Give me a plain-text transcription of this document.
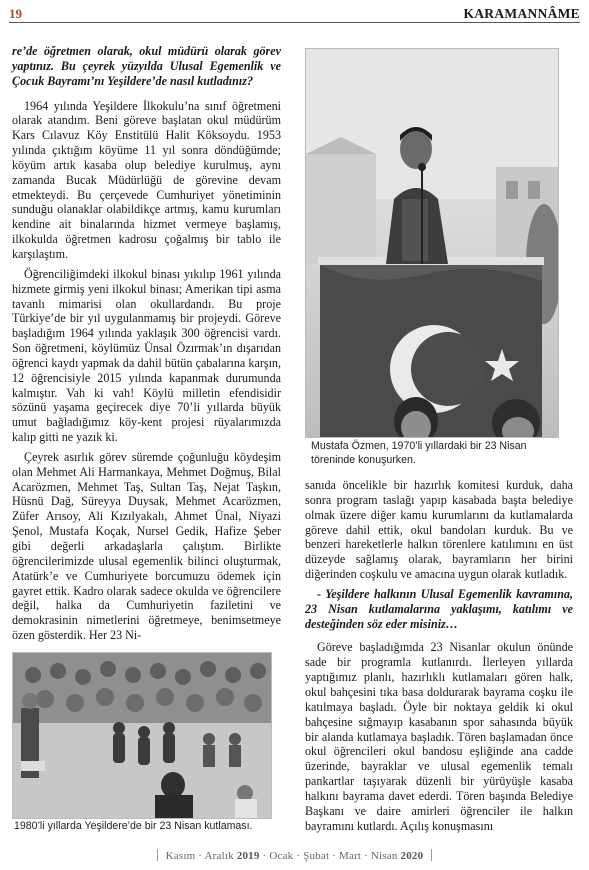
19	KARAMANNÂME

re’de öğretmen olarak, okul müdürü olarak görev yaptınız. Bu çeyrek yüzyılda Ulusal Egemenlik ve Çocuk Bayramı’nı Yeşildere’de nasıl kutladınız?

1964 yılında Yeşildere İlkokulu’na sınıf öğretmeni olarak atandım. Beni göreve başlatan okul müdürüm Kars Cılavuz Köy Enstitülü Halit Köksoydu. 1953 yılında çıktığım köyüme 11 yıl sonra döndüğümde; köyüm artık kasaba olup belediye kurulmuş, aynı zamanda Bucak Müdürlüğü de görevine devam etmekteydi. Bu çerçevede Cumhuriyet yönetiminin sunduğu olanaklar olabildikçe artmış, kamu kurumları kendine ait binalarında hizmet vermeye başlamış, ilkokulda öğretmen kadrosu çoğalmış bir tablo ile karşılaştım.

Öğrenciliğimdeki ilkokul binası yıkılıp 1961 yılında hizmete girmiş yeni ilkokul binası; Amerikan tipi asma tavanlı mimarisi olan okullardandı. Bu proje Türkiye’de bir yıl uygulanmamış bir projeydi. Göreve başladığım 1964 yılında yaklaşık 300 öğrencisi vardı. Son öğretmeni, köylümüz Ünsal Özırmak’ın dışarıdan öğrenci kaydı yapmak da dahil bütün çabalarına karşın, 12 öğrencisiyle 2015 yılında kapanmak durumunda kalmıştır. Vah ki vah! Köylü milletin efendisidir sözünü yaşama geçirecek diye 70’li yıllarda büyük umut bağladığımız köy-kent projesi rüyalarımızda kalıp gitti ne yazık ki.

Çeyrek asırlık görev süremde çoğunluğu köydeşim olan Mehmet Ali Harmankaya, Mehmet Doğmuş, Bilal Acarözmen, Mehmet Taş, Sultan Taş, Nejat Taşkın, Hüsnü Dağ, Süreyya Duysak, Mehmet Acarözmen, Züfer Arısoy, Ali Kızılyakalı, Ahmet Ünal, Niyazi Şenol, Mustafa Koçak, Nursel Gedik, Hafize Şeber gibi değerli arkadaşlarla çalıştım. Birlikte öğrencilerimizde ulusal egemenlik bilinci oluşturmak, Atatürk’e ve Cumhuriyete borcumuzu ödemek için gayret ettik. Kadro olarak sadece okulda ve öğrencilere değil, halka da Cumhuriyetin faziletini ve demokrasinin nimetlerini öğretmeye, benimsetmeye özen gösterdik. Her 23 Ni-

Mustafa Özmen, 1970’li yıllardaki bir 23 Nisan töreninde konuşurken.

sanıda öncelikle bir hazırlık komitesi kurduk, daha sonra program taslağı yapıp kasabada başta belediye olmak üzere diğer kamu kurumlarını da kutlamalarda göreve dahil ettik, okul bandoları kurduk. Bu ve benzeri hareketlerle halkın törenlere katılımını en üst düzeyde sağlamış olarak, bayramların her birini diğerinden coşkulu ve amacına uygun olarak kutladık.

- Yeşildere halkının Ulusal Egemenlik kavramına, 23 Nisan kutlamalarına yaklaşımı, katılımı ve desteğinden söz eder misiniz…

Göreve başladığımda 23 Nisanlar okulun önünde sade bir programla kutlanırdı. İlerleyen yıllarda yaptığımız planlı, hazırlıklı kutlamaları gören halk, okul bahçesini tıka basa doldurarak bayrama coşku ile katılmaya başladı. Öyle bir noktaya geldik ki okul bahçesine sığmayıp kasabanın spor sahasında büyük bir alanda kutlamaya başladık. Tören başlamadan önce okul öğrencileri okul bandosu eşliğinde ana cadde üzerinde, bayraklar ve ulusal egemenlik temalı pankartlar taşıyarak düzenli bir yürüyüşle kasaba halkını bayrama davet ederdi. Tören başında Belediye Başkanı ve daire amirleri öğrenciler ile halkın bayramını kutlardı. Açılış konuşmasını

1980’li yıllarda Yeşildere’de bir 23 Nisan kutlaması.
Kasım · Aralık 2019 · Ocak · Şubat · Mart · Nisan 2020
